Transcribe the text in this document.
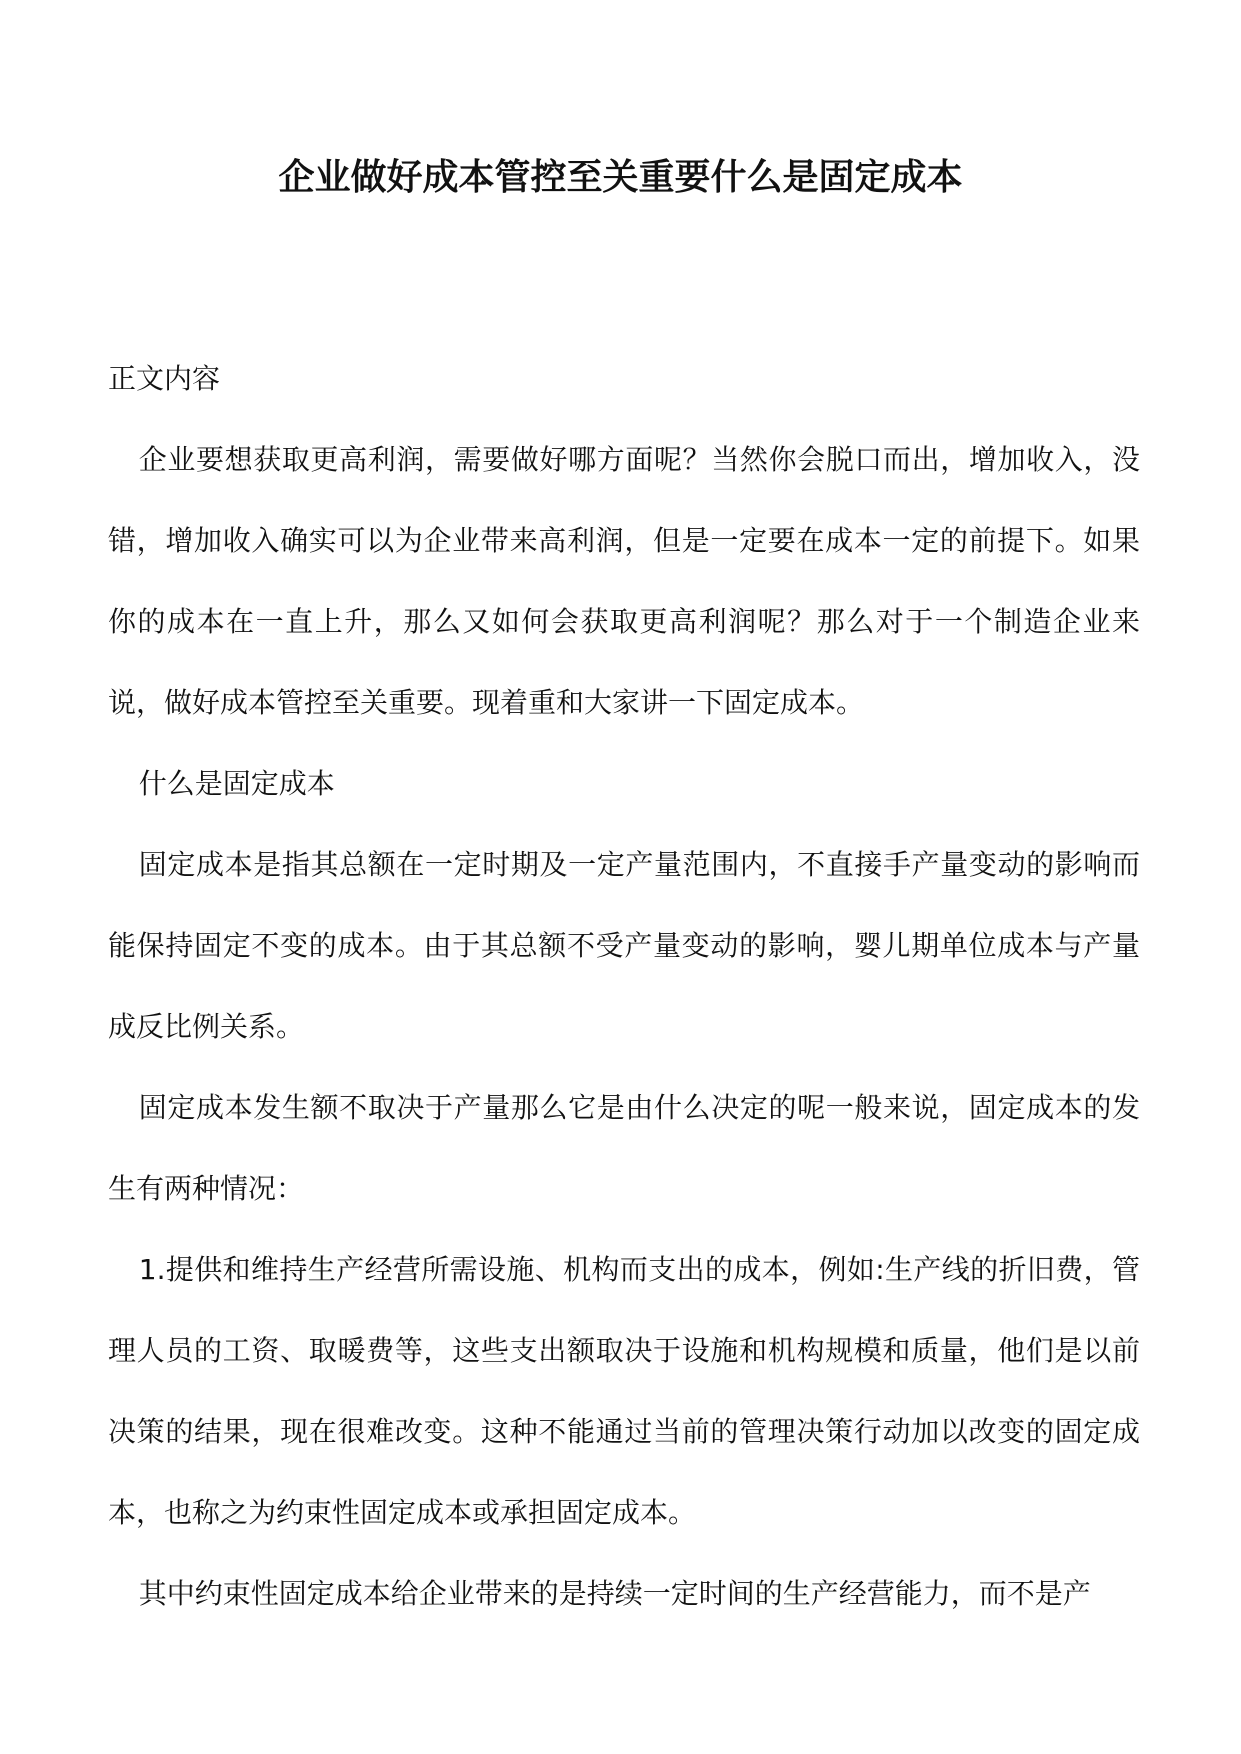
企业做好成本管控至关重要什么是固定成本

正文内容

企业要想获取更高利润，需要做好哪方面呢？当然你会脱口而出，增加收入，没错，增加收入确实可以为企业带来高利润，但是一定要在成本一定的前提下。如果你的成本在一直上升，那么又如何会获取更高利润呢？那么对于一个制造企业来说，做好成本管控至关重要。现着重和大家讲一下固定成本。

什么是固定成本

固定成本是指其总额在一定时期及一定产量范围内，不直接手产量变动的影响而能保持固定不变的成本。由于其总额不受产量变动的影响，婴儿期单位成本与产量成反比例关系。

固定成本发生额不取决于产量那么它是由什么决定的呢一般来说，固定成本的发生有两种情况：

1.提供和维持生产经营所需设施、机构而支出的成本，例如:生产线的折旧费，管理人员的工资、取暖费等，这些支出额取决于设施和机构规模和质量，他们是以前决策的结果，现在很难改变。这种不能通过当前的管理决策行动加以改变的固定成本，也称之为约束性固定成本或承担固定成本。

其中约束性固定成本给企业带来的是持续一定时间的生产经营能力，而不是产
